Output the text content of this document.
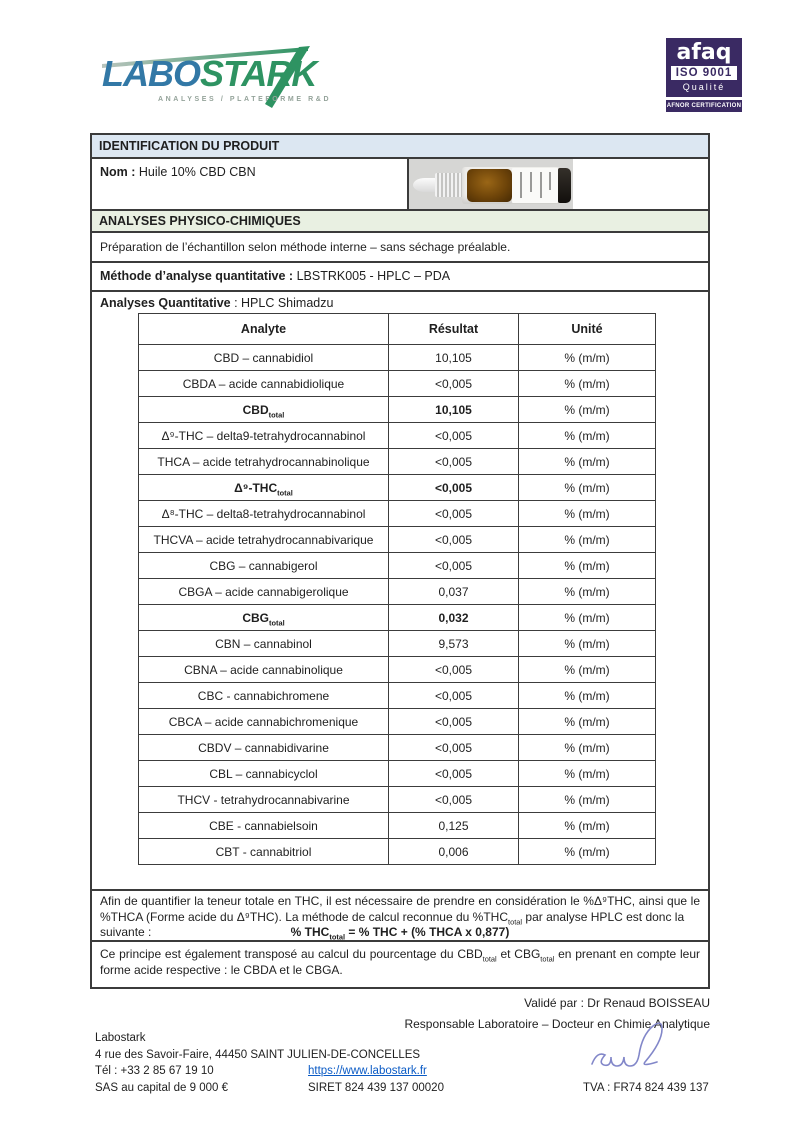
LABOSTARK
ANALYSES / PLATEFORME R&D
afaq
ISO 9001
Qualité
AFNOR CERTIFICATION
IDENTIFICATION DU PRODUIT
Nom : Huile 10% CBD CBN
ANALYSES PHYSICO-CHIMIQUES
Préparation de l’échantillon selon méthode interne – sans séchage préalable.
Méthode d’analyse quantitative : LBSTRK005 - HPLC – PDA
Analyses Quantitative : HPLC Shimadzu
Analyte	Résultat	Unité
CBD – cannabidiol	10,105	% (m/m)
CBDA – acide cannabidiolique	<0,005	% (m/m)
$CBD_{total}$	10,105	% (m/m)
Δ⁹-THC – delta9-tetrahydrocannabinol	<0,005	% (m/m)
THCA – acide tetrahydrocannabinolique	<0,005	% (m/m)
$\Delta^9-THC_{total}$	<0,005	% (m/m)
Δ⁸-THC – delta8-tetrahydrocannabinol	<0,005	% (m/m)
THCVA – acide tetrahydrocannabivarique	<0,005	% (m/m)
CBG – cannabigerol	<0,005	% (m/m)
CBGA – acide cannabigerolique	0,037	% (m/m)
$CBG_{total}$	0,032	% (m/m)
CBN – cannabinol	9,573	% (m/m)
CBNA – acide cannabinolique	<0,005	% (m/m)
CBC - cannabichromene	<0,005	% (m/m)
CBCA – acide cannabichromenique	<0,005	% (m/m)
CBDV – cannabidivarine	<0,005	% (m/m)
CBL – cannabicyclol	<0,005	% (m/m)
THCV - tetrahydrocannabivarine	<0,005	% (m/m)
CBE - cannabielsoin	0,125	% (m/m)
CBT - cannabitriol	0,006	% (m/m)
Afin de quantifier la teneur totale en THC, il est nécessaire de prendre en considération le %Δ⁹THC, ainsi que le %THCA (Forme acide du Δ⁹THC). La méthode de calcul reconnue du $\%THC_{total}$ par analyse HPLC est donc la
suivante :	% $THC_{total}$ = % THC + (% THCA x 0,877)
Ce principe est également transposé au calcul du pourcentage du $CBD_{total}$ et $CBG_{total}$ en prenant en compte leur forme acide respective : le CBDA et le CBGA.
Validé par : Dr Renaud BOISSEAU
Responsable Laboratoire – Docteur en Chimie Analytique
Labostark
4 rue des Savoir-Faire, 44450 SAINT JULIEN-DE-CONCELLES
Tél : +33 2 85 67 19 10	https://www.labostark.fr
SAS au capital de 9 000 €	SIRET 824 439 137 00020	TVA : FR74 824 439 137
